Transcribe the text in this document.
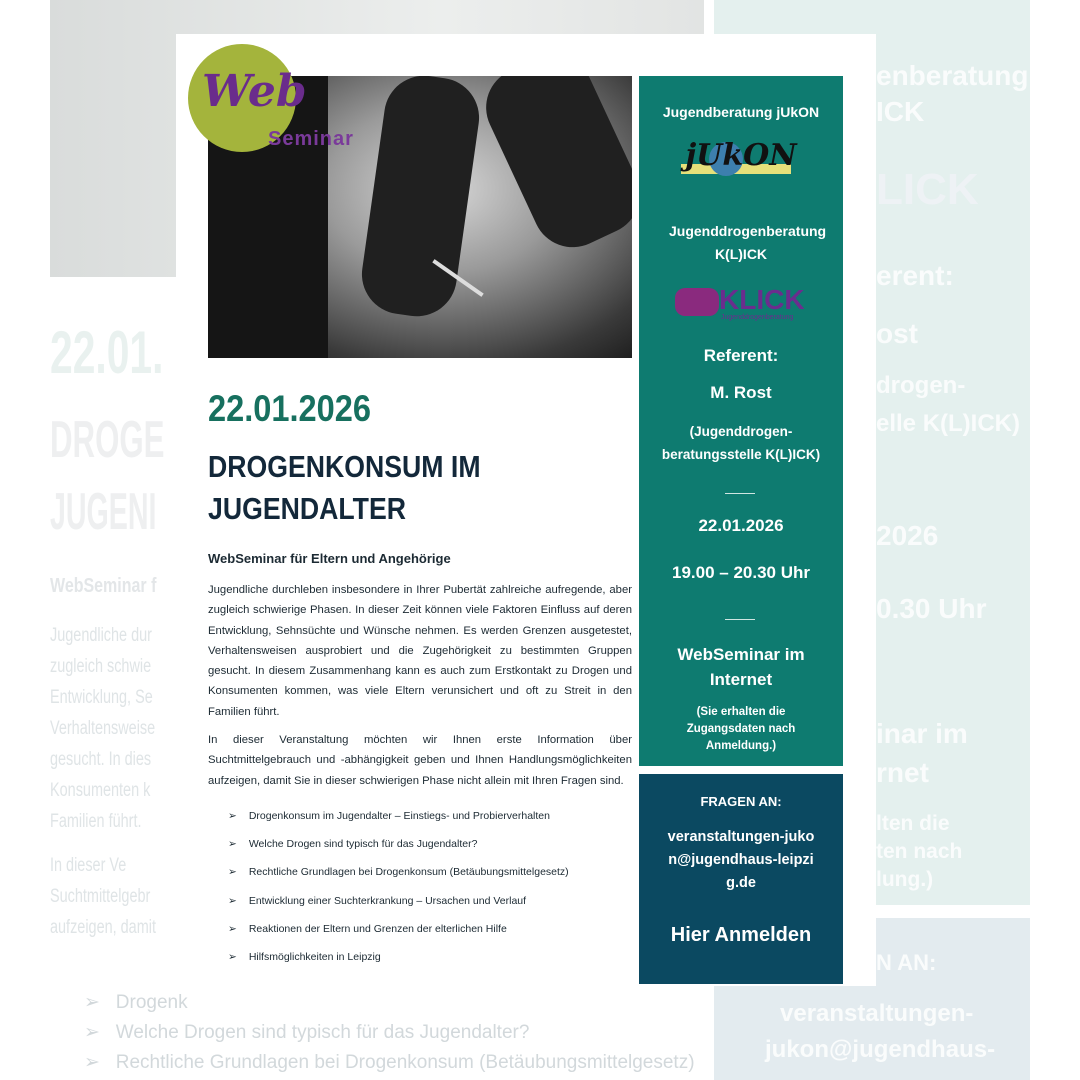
22.01.
DROGE
JUGENI
WebSeminar f
Jugendliche dur
zugleich schwie
Entwicklung, Se
Verhaltensweise
gesucht. In dies
Konsumenten k
Familien führt.
In dieser Ve
Suchtmittelgebr
aufzeigen, damit
➢   Drogenk
➢   Welche Drogen sind typisch für das Jugendalter?
➢   Rechtliche Grundlagen bei Drogenkonsum (Betäubungsmittelgesetz)
enberatung
ICK
LICK
erent:
ost
drogen-
elle K(L)ICK)
2026
0.30 Uhr
inar im
rnet
lten die
ten nach
lung.)
N AN:
veranstaltungen-
jukon@jugendhaus-
Web
Seminar
22.01.2026
DROGENKONSUM IM
JUGENDALTER
WebSeminar für Eltern und Angehörige

Jugendliche durchleben insbesondere in Ihrer Pubertät zahlreiche aufregende, aber zugleich schwierige Phasen. In dieser Zeit können viele Faktoren Einfluss auf deren Entwicklung, Sehnsüchte und Wünsche nehmen. Es werden Grenzen ausgetestet, Verhaltensweisen ausprobiert und die Zugehörigkeit zu bestimmten Gruppen gesucht. In diesem Zusammenhang kann es auch zum Erstkontakt zu Drogen und Konsumenten kommen, was viele Eltern verunsichert und oft zu Streit in den Familien führt.

In dieser Veranstaltung möchten wir Ihnen erste Information über Suchtmittelgebrauch und -abhängigkeit geben und Ihnen Handlungsmöglichkeiten aufzeigen, damit Sie in dieser schwierigen Phase nicht allein mit Ihren Fragen sind.

➢ Drogenkonsum im Jugendalter – Einstiegs- und Probierverhalten
➢ Welche Drogen sind typisch für das Jugendalter?
➢ Rechtliche Grundlagen bei Drogenkonsum (Betäubungsmittelgesetz)
➢ Entwicklung einer Suchterkrankung – Ursachen und Verlauf
➢ Reaktionen der Eltern und Grenzen der elterlichen Hilfe
➢ Hilfsmöglichkeiten in Leipzig
Jugendberatung jUkON
jUkON
Jugenddrogenberatung K(L)ICK
KLICK
Jugenddrogenberatung
Referent:
M. Rost
(Jugenddrogen-beratungsstelle K(L)ICK)
22.01.2026
19.00 – 20.30 Uhr
WebSeminar im Internet
(Sie erhalten die Zugangsdaten nach Anmeldung.)
FRAGEN AN:
veranstaltungen-jukon@jugendhaus-leipzig.de
Hier Anmelden
